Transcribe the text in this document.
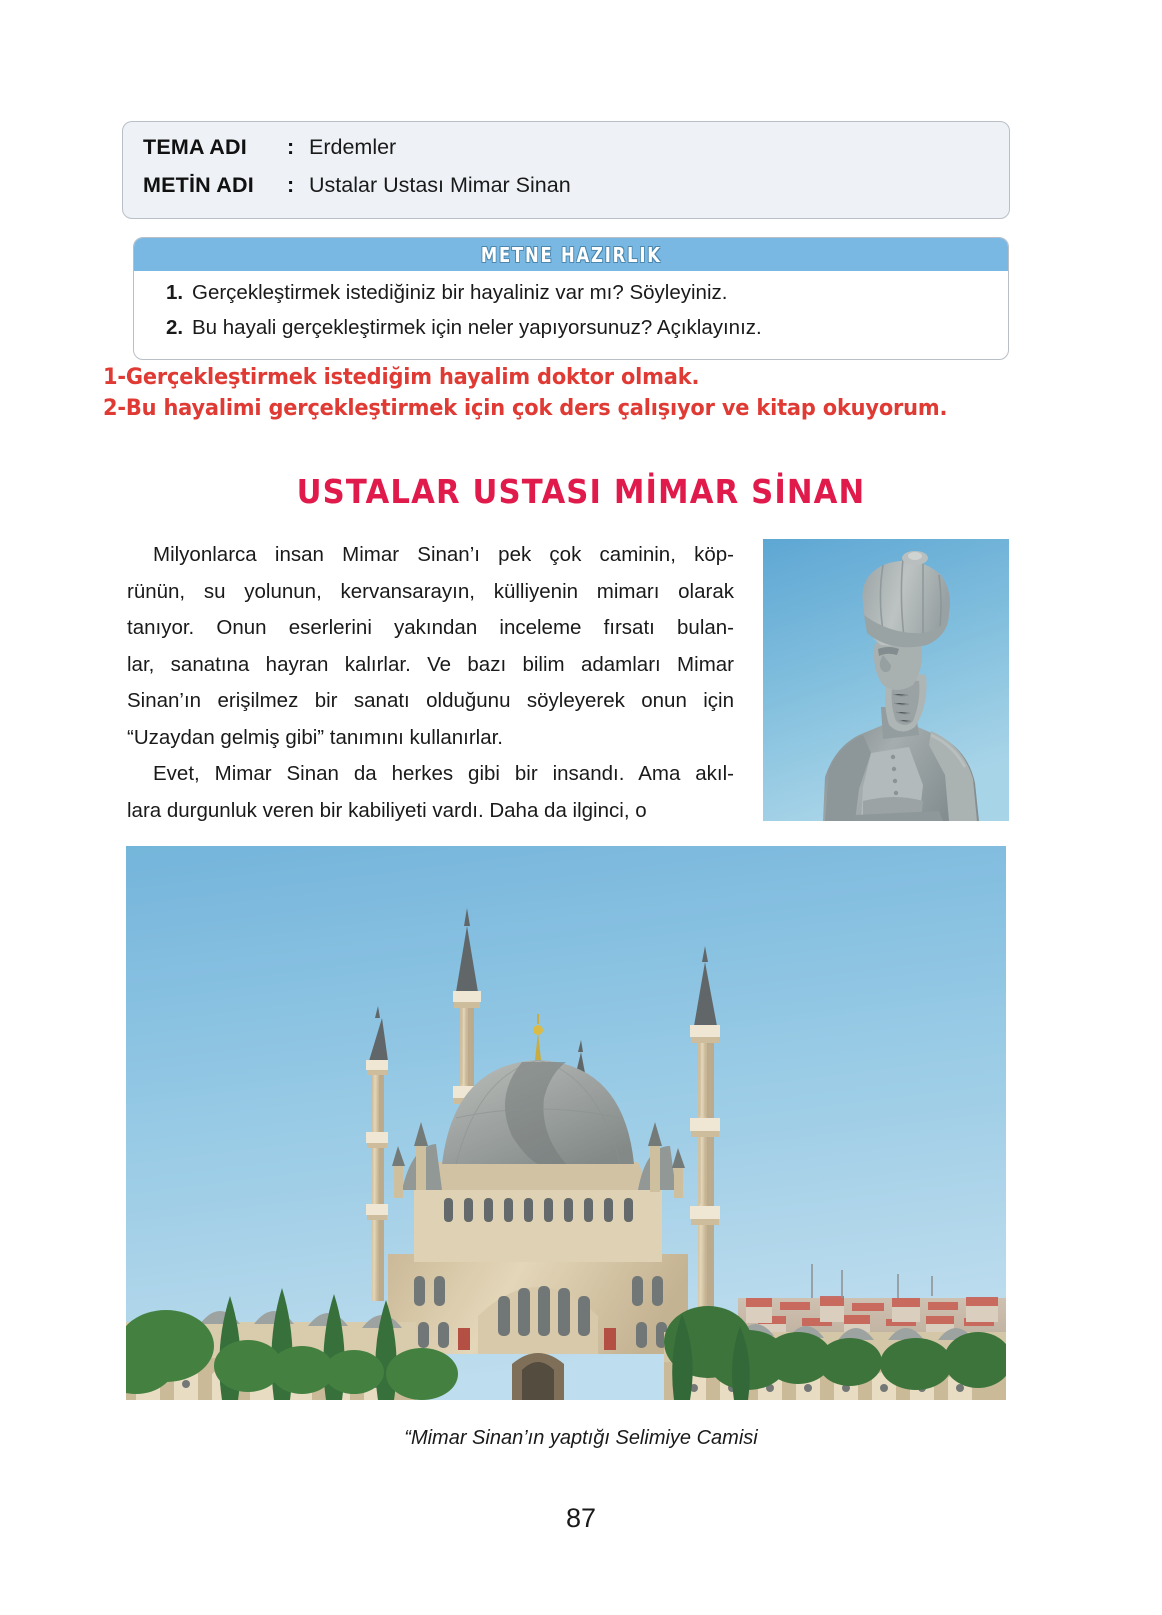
TEMA ADI	: Erdemler
METİN ADI	: Ustalar Ustası Mimar Sinan
METNE HAZIRLIK
1. Gerçekleştirmek istediğiniz bir hayaliniz var mı? Söyleyiniz.
2. Bu hayali gerçekleştirmek için neler yapıyorsunuz? Açıklayınız.
1-Gerçekleştirmek istediğim hayalim doktor olmak.
2-Bu hayalimi gerçekleştirmek için çok ders çalışıyor ve kitap okuyorum.
USTALAR USTASI MİMAR SİNAN

Milyonlarca insan Mimar Sinan’ı pek çok caminin, köp-
rünün, su yolunun, kervansarayın, külliyenin mimarı olarak
tanıyor. Onun eserlerini yakından inceleme fırsatı bulan-
lar, sanatına hayran kalırlar. Ve bazı bilim adamları Mimar
Sinan’ın erişilmez bir sanatı olduğunu söyleyerek onun için
“Uzaydan gelmiş gibi” tanımını kullanırlar.

Evet, Mimar Sinan da herkes gibi bir insandı. Ama akıl-
lara durgunluk veren bir kabiliyeti vardı. Daha da ilginci, o

“Mimar Sinan’ın yaptığı Selimiye Camisi
87
